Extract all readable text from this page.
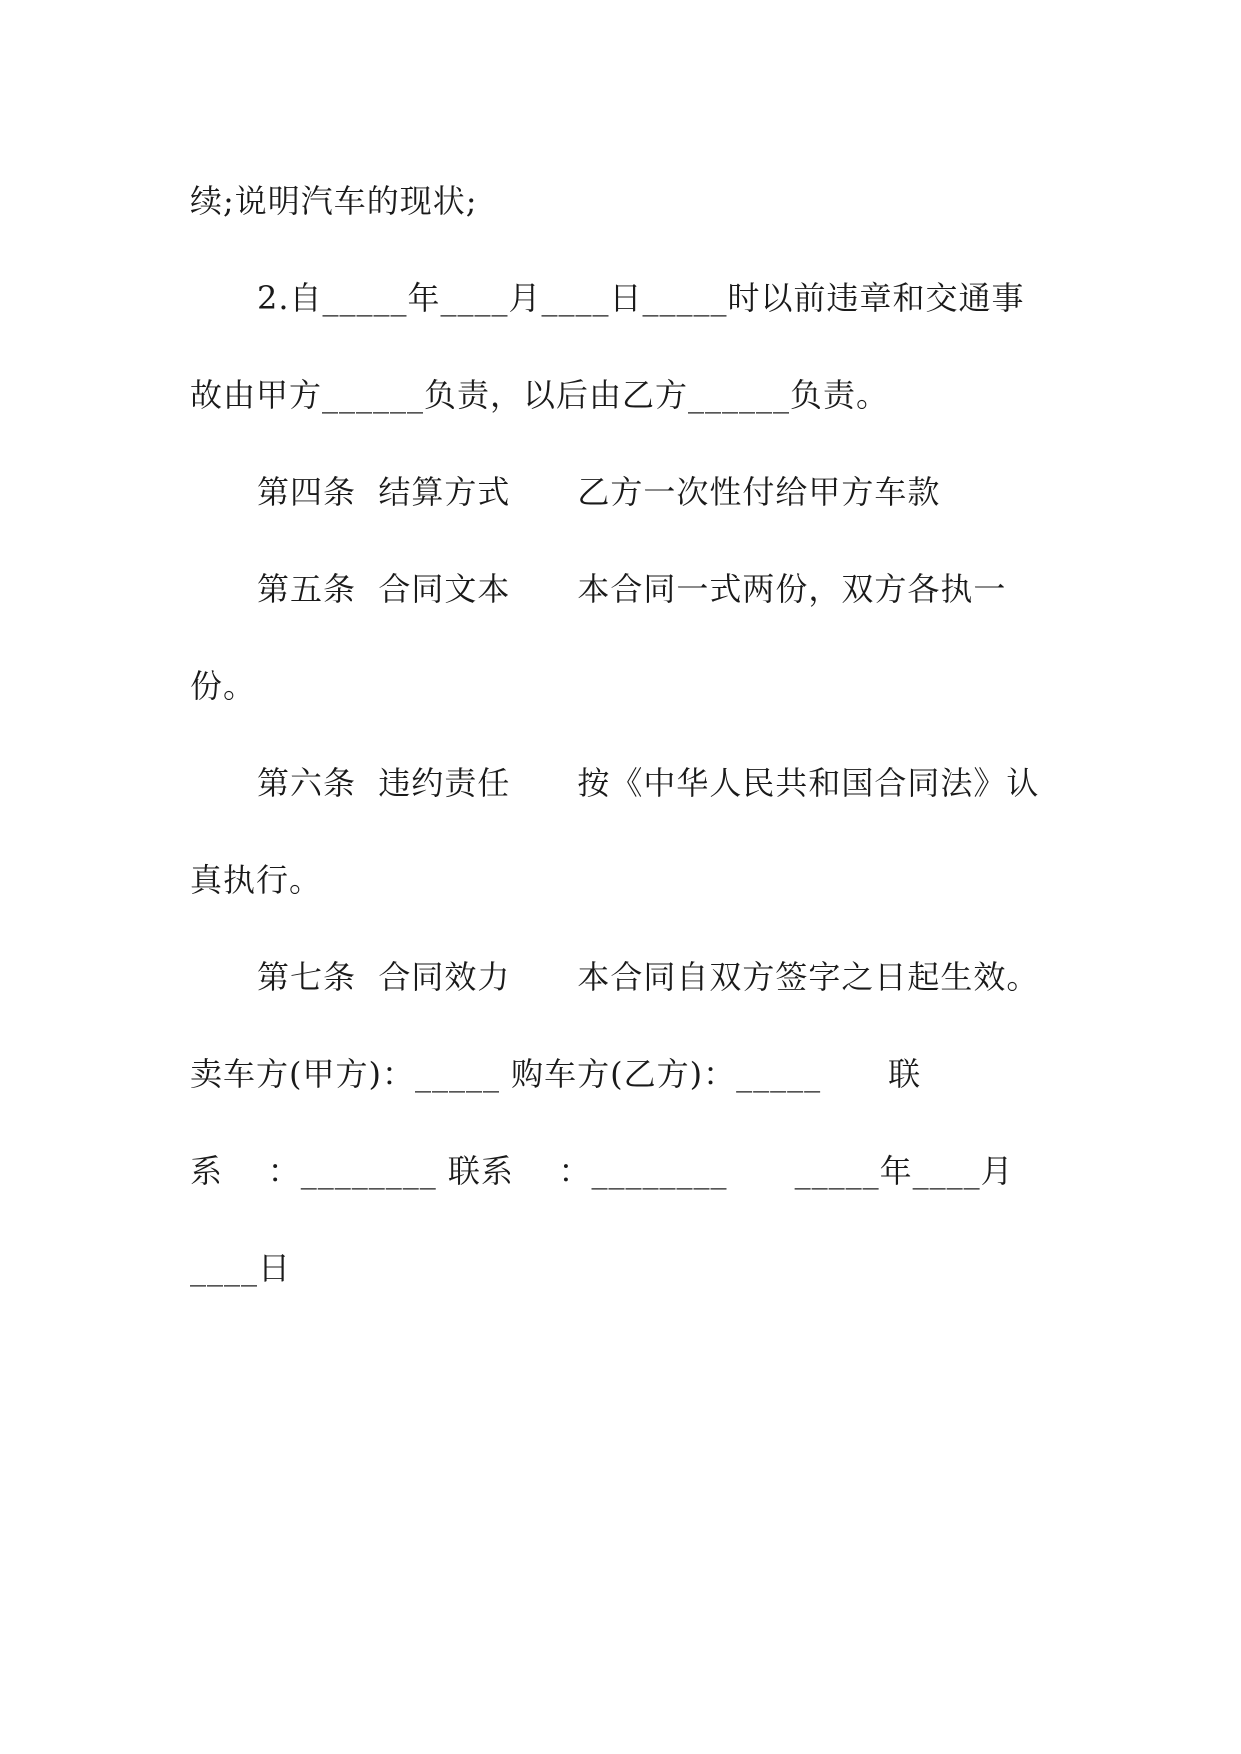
续;说明汽车的现状;
2.自_____年____月____日_____时以前违章和交通事
故由甲方______负责，以后由乙方______负责。
第四条  结算方式      乙方一次性付给甲方车款
第五条  合同文本      本合同一式两份，双方各执一
份。
第六条  违约责任      按《中华人民共和国合同法》认
真执行。
第七条  合同效力      本合同自双方签字之日起生效。
卖车方(甲方)：_____ 购车方(乙方)：_____      联
系    ：________ 联系    ：________      _____年____月
____日
